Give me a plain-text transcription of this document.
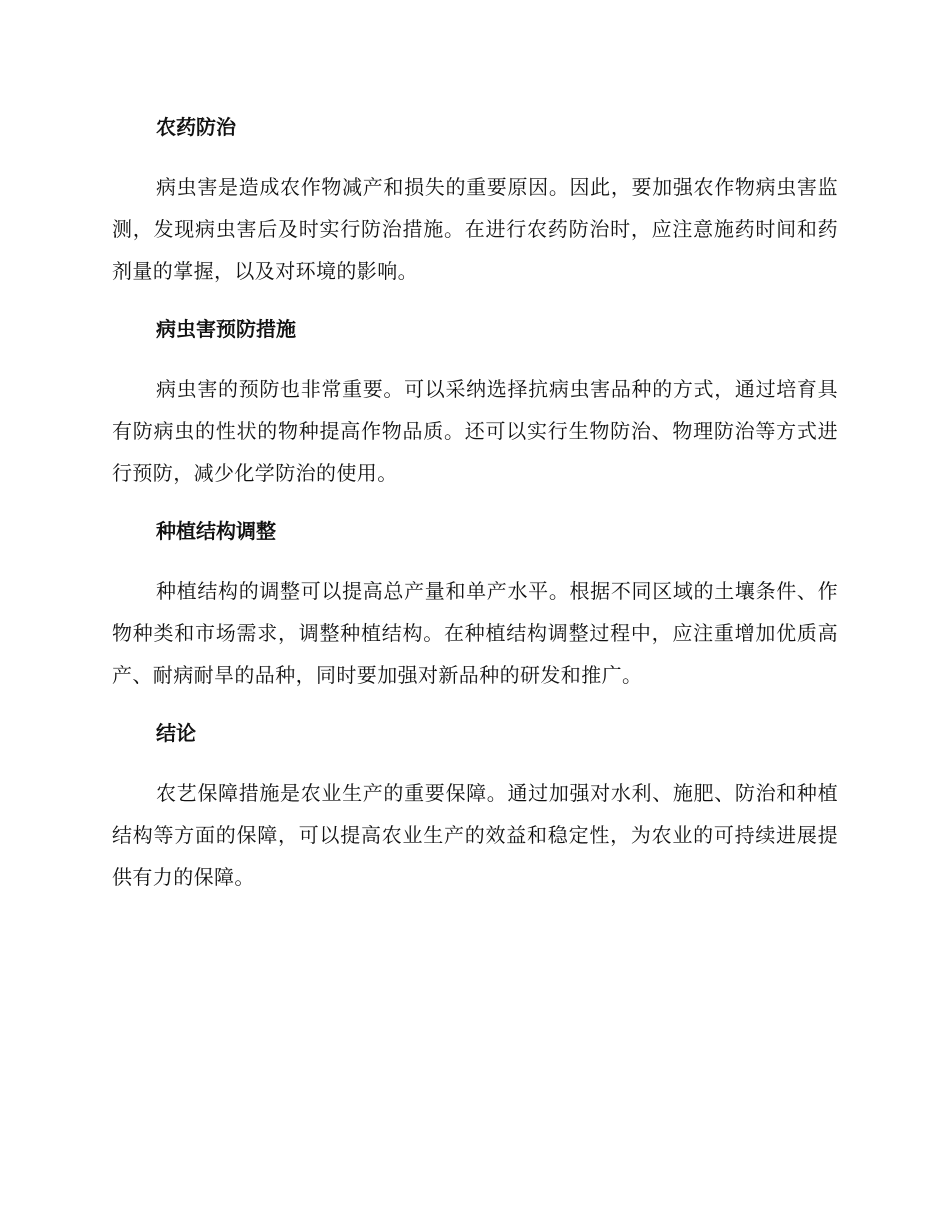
农药防治

病虫害是造成农作物减产和损失的重要原因。因此，要加强农作物病虫害监测，发现病虫害后及时实行防治措施。在进行农药防治时，应注意施药时间和药剂量的掌握，以及对环境的影响。

病虫害预防措施

病虫害的预防也非常重要。可以采纳选择抗病虫害品种的方式，通过培育具有防病虫的性状的物种提高作物品质。还可以实行生物防治、物理防治等方式进行预防，减少化学防治的使用。

种植结构调整

种植结构的调整可以提高总产量和单产水平。根据不同区域的土壤条件、作物种类和市场需求，调整种植结构。在种植结构调整过程中，应注重增加优质高产、耐病耐旱的品种，同时要加强对新品种的研发和推广。

结论

农艺保障措施是农业生产的重要保障。通过加强对水利、施肥、防治和种植结构等方面的保障，可以提高农业生产的效益和稳定性，为农业的可持续进展提供有力的保障。
